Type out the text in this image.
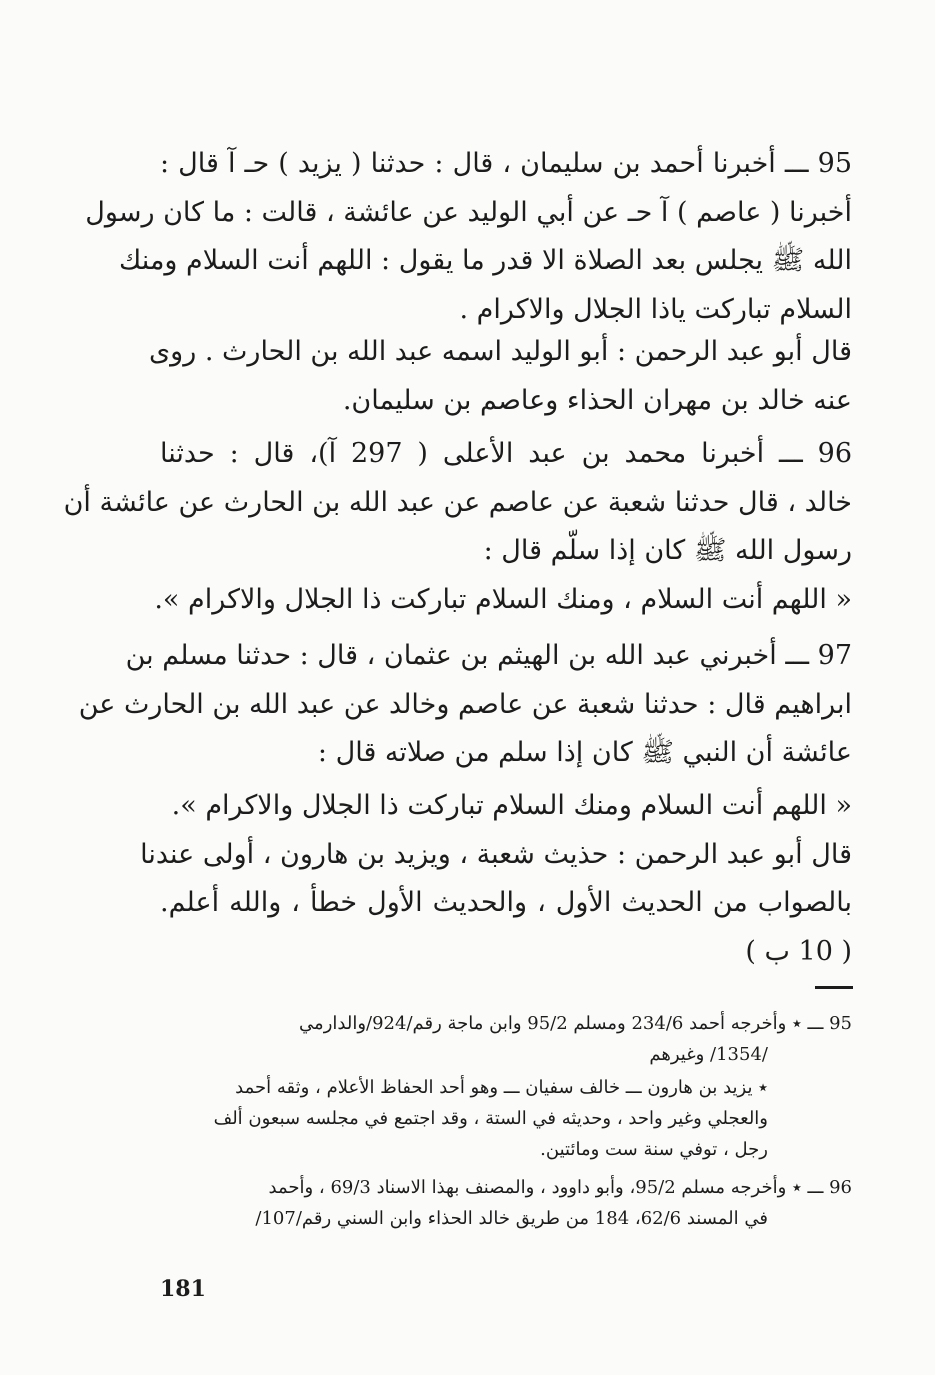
95 ـــ أخبرنا أحمد بن سليمان ، قال : حدثنا ( يزيد ) حـ آ قال :
أخبرنا ( عاصم ) آ حـ عن أبي الوليد عن عائشة ، قالت : ما كان رسول
الله ﷺ يجلس بعد الصلاة الا قدر ما يقول : اللهم أنت السلام ومنك
السلام تباركت ياذا الجلال والاكرام .
قال أبو عبد الرحمن : أبو الوليد اسمه عبد الله بن الحارث . روى
عنه خالد بن مهران الحذاء وعاصم بن سليمان.
96 ـــ أخبرنا محمد بن عبد الأعلى ( 297 آ)، قال : حدثنا
خالد ، قال حدثنا شعبة عن عاصم عن عبد الله بن الحارث عن عائشة أن
رسول الله ﷺ كان إذا سلّم قال :
« اللهم أنت السلام ، ومنك السلام تباركت ذا الجلال والاكرام ».
97 ـــ أخبرني عبد الله بن الهيثم بن عثمان ، قال : حدثنا مسلم بن
ابراهيم قال : حدثنا شعبة عن عاصم وخالد عن عبد الله بن الحارث عن
عائشة أن النبي ﷺ كان إذا سلم من صلاته قال :
« اللهم أنت السلام ومنك السلام تباركت ذا الجلال والاكرام ».
قال أبو عبد الرحمن : حذيث شعبة ، ويزيد بن هارون ، أولى عندنا
بالصواب من الحديث الأول ، والحديث الأول خطأ ، والله أعلم.
( 10 ب )
95 ـــ ٭ وأخرجه أحمد 234/6 ومسلم 95/2 وابن ماجة رقم/924/والدارمي
/1354/ وغيرهم
٭ يزيد بن هارون ـــ خالف سفيان ـــ وهو أحد الحفاظ الأعلام ، وثقه أحمد
والعجلي وغير واحد ، وحديثه في الستة ، وقد اجتمع في مجلسه سبعون ألف
رجل ، توفي سنة ست ومائتين.
96 ـــ ٭ وأخرجه مسلم 95/2، وأبو داوود ، والمصنف بهذا الاسناد 69/3 ، وأحمد
في المسند 62/6، 184 من طريق خالد الحذاء وابن السني رقم/107/
181
